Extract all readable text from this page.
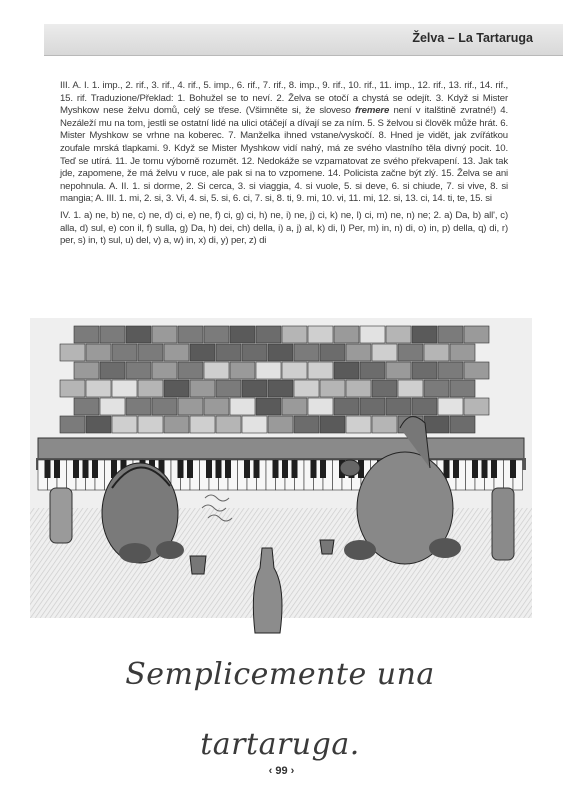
Želva – La Tartaruga

III. A. I. 1. imp., 2. rif., 3. rif., 4. rif., 5. imp., 6. rif., 7. rif., 8. imp., 9. rif., 10. rif., 11. imp., 12. rif., 13. rif., 14. rif., 15. rif. Traduzione/Překlad: 1. Bohužel se to neví. 2. Želva se otočí a chystá se odejít. 3. Když si Mister Myshkow nese želvu domů, celý se třese. (Všimněte si, že sloveso fremere není v italštině zvratné!) 4. Nezáleží mu na tom, jestli se ostatní lidé na ulici otáčejí a dívají se za ním. 5. S želvou si člověk může hrát. 6. Mister Myshkow se vrhne na koberec. 7. Manželka ihned vstane/vyskočí. 8. Hned je vidět, jak zvířátkou zoufale mrská tlapkami. 9. Když se Mister Myshkow vidí nahý, má ze svého vlastního těla divný pocit. 10. Teď se utírá. 11. Je tomu výborně rozumět. 12. Nedokáže se vzpamatovat ze svého překvapení. 13. Jak tak jde, zapomene, že má želvu v ruce, ale pak si na to vzpomene. 14. Policista začne být zlý. 15. Želva se ani nepohnula. A. II. 1. si dorme, 2. Si cerca, 3. si viaggia, 4. si vuole, 5. si deve, 6. si chiude, 7. si vive, 8. si mangia; A. III. 1. mi, 2. si, 3. Vi, 4. si, 5. si, 6. ci, 7. si, 8. ti, 9. mi, 10. vi, 11. mi, 12. si, 13. ci, 14. ti, te, 15. si

IV. 1. a) ne, b) ne, c) ne, d) ci, e) ne, f) ci, g) ci, h) ne, i) ne, j) ci, k) ne, l) ci, m) ne, n) ne; 2. a) Da, b) all', c) alla, d) sul, e) con il, f) sulla, g) Da, h) dei, ch) della, i) a, j) al, k) di, l) Per, m) in, n) di, o) in, p) della, q) di, r) per, s) in, t) sul, u) del, v) a, w) in, x) di, y) per, z) di

Semplicemente una tartaruga.
‹ 99 ›
